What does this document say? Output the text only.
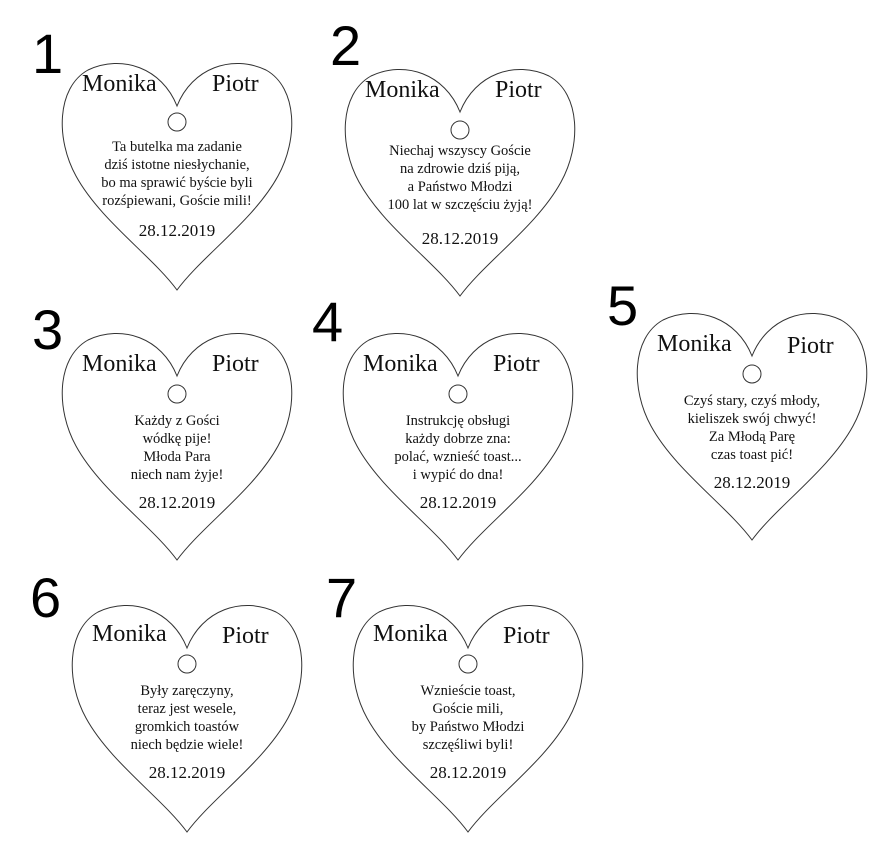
1	2
3	4	5
6	7
Monika Piotr
Ta butelka ma zadanie
dziś istotne niesłychanie,
bo ma sprawić byście byli
rozśpiewani, Goście mili!
28.12.2019
Monika Piotr
Niechaj wszyscy Goście
na zdrowie dziś piją,
a Państwo Młodzi
100 lat w szczęściu żyją!
28.12.2019
Monika Piotr
Każdy z Gości
wódkę pije!
Młoda Para
niech nam żyje!
28.12.2019
Monika Piotr
Instrukcję obsługi
każdy dobrze zna:
polać, wznieść toast...
i wypić do dna!
28.12.2019
Monika Piotr
Czyś stary, czyś młody,
kieliszek swój chwyć!
Za Młodą Parę
czas toast pić!
28.12.2019
Monika Piotr
Były zaręczyny,
teraz jest wesele,
gromkich toastów
niech będzie wiele!
28.12.2019
Monika Piotr
Wznieście toast,
Goście mili,
by Państwo Młodzi
szczęśliwi byli!
28.12.2019
